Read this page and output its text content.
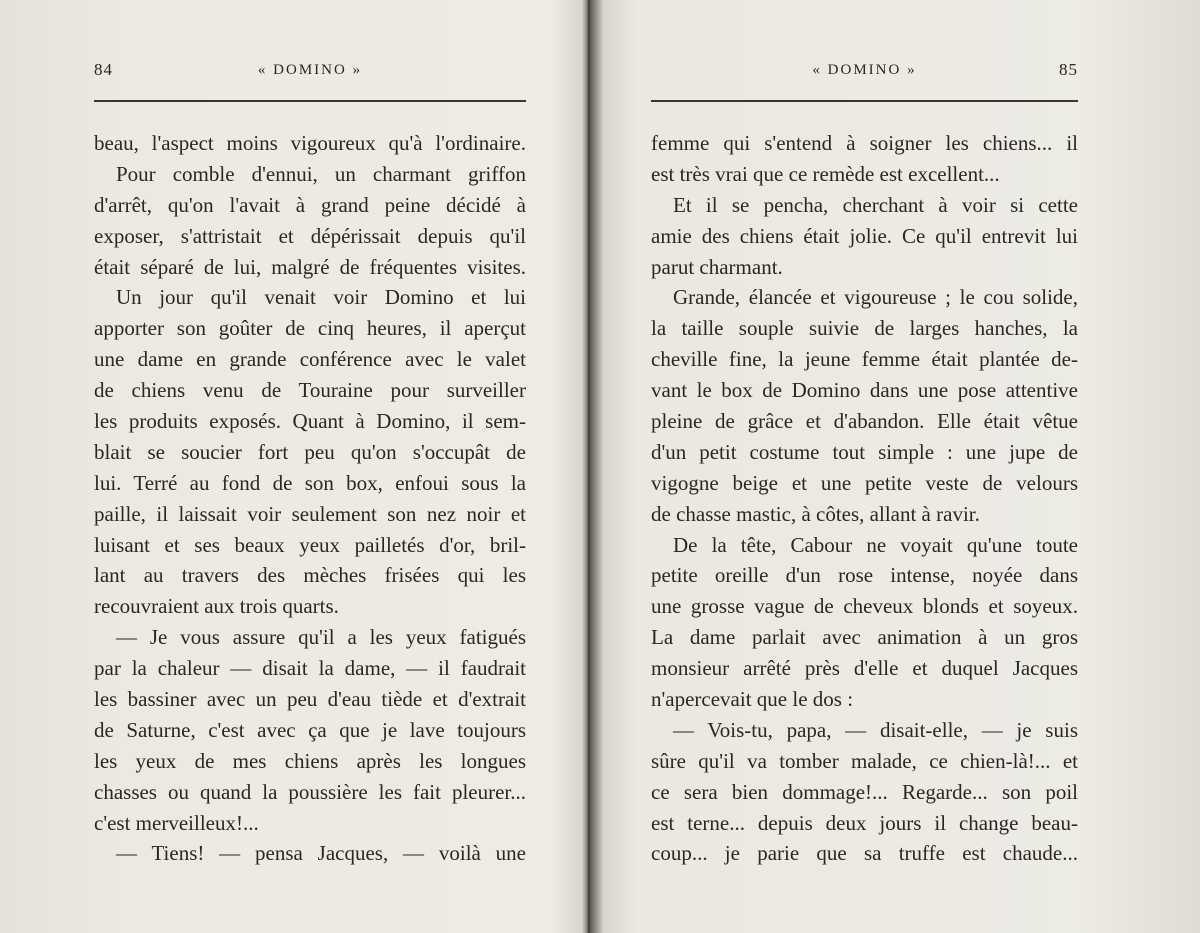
84	« DOMINO »
beau, l'aspect moins vigoureux qu'à l'ordinaire.
Pour comble d'ennui, un charmant griffon
d'arrêt, qu'on l'avait à grand peine décidé à
exposer, s'attristait et dépérissait depuis qu'il
était séparé de lui, malgré de fréquentes visites.
Un jour qu'il venait voir Domino et lui
apporter son goûter de cinq heures, il aperçut
une dame en grande conférence avec le valet
de chiens venu de Touraine pour surveiller
les produits exposés. Quant à Domino, il sem-
blait se soucier fort peu qu'on s'occupât de
lui. Terré au fond de son box, enfoui sous la
paille, il laissait voir seulement son nez noir et
luisant et ses beaux yeux pailletés d'or, bril-
lant au travers des mèches frisées qui les
recouvraient aux trois quarts.
— Je vous assure qu'il a les yeux fatigués
par la chaleur — disait la dame, — il faudrait
les bassiner avec un peu d'eau tiède et d'extrait
de Saturne, c'est avec ça que je lave toujours
les yeux de mes chiens après les longues
chasses ou quand la poussière les fait pleurer...
c'est merveilleux!...
— Tiens! — pensa Jacques, — voilà une
« DOMINO »	85
femme qui s'entend à soigner les chiens... il
est très vrai que ce remède est excellent...
Et il se pencha, cherchant à voir si cette
amie des chiens était jolie. Ce qu'il entrevit lui
parut charmant.
Grande, élancée et vigoureuse ; le cou solide,
la taille souple suivie de larges hanches, la
cheville fine, la jeune femme était plantée de-
vant le box de Domino dans une pose attentive
pleine de grâce et d'abandon. Elle était vêtue
d'un petit costume tout simple : une jupe de
vigogne beige et une petite veste de velours
de chasse mastic, à côtes, allant à ravir.
De la tête, Cabour ne voyait qu'une toute
petite oreille d'un rose intense, noyée dans
une grosse vague de cheveux blonds et soyeux.
La dame parlait avec animation à un gros
monsieur arrêté près d'elle et duquel Jacques
n'apercevait que le dos :
— Vois-tu, papa, — disait-elle, — je suis
sûre qu'il va tomber malade, ce chien-là!... et
ce sera bien dommage!... Regarde... son poil
est terne... depuis deux jours il change beau-
coup... je parie que sa truffe est chaude...
